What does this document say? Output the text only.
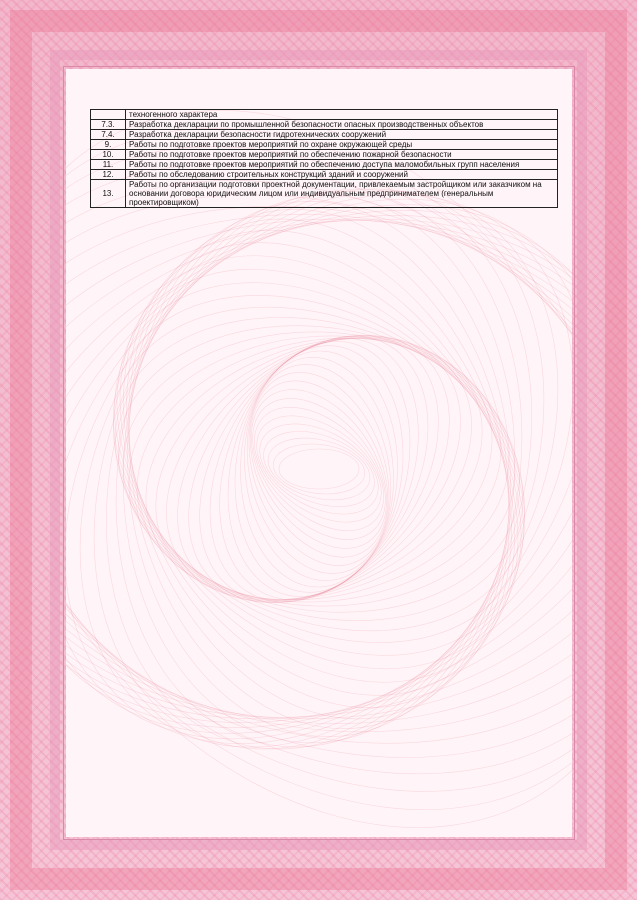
	техногенного характера
7.3.	Разработка декларации по промышленной безопасности опасных производственных объектов
7.4.	Разработка декларации безопасности гидротехнических сооружений
9.	Работы по подготовке проектов мероприятий по охране окружающей среды
10.	Работы по подготовке проектов мероприятий по обеспечению пожарной безопасности
11.	Работы по подготовке проектов мероприятий по обеспечению доступа маломобильных групп населения
12.	Работы по обследованию строительных конструкций зданий и сооружений
13.	Работы по организации подготовки проектной документации, привлекаемым застройщиком или заказчиком на основании договора юридическим лицом или индивидуальным предпринимателем (генеральным проектировщиком)
